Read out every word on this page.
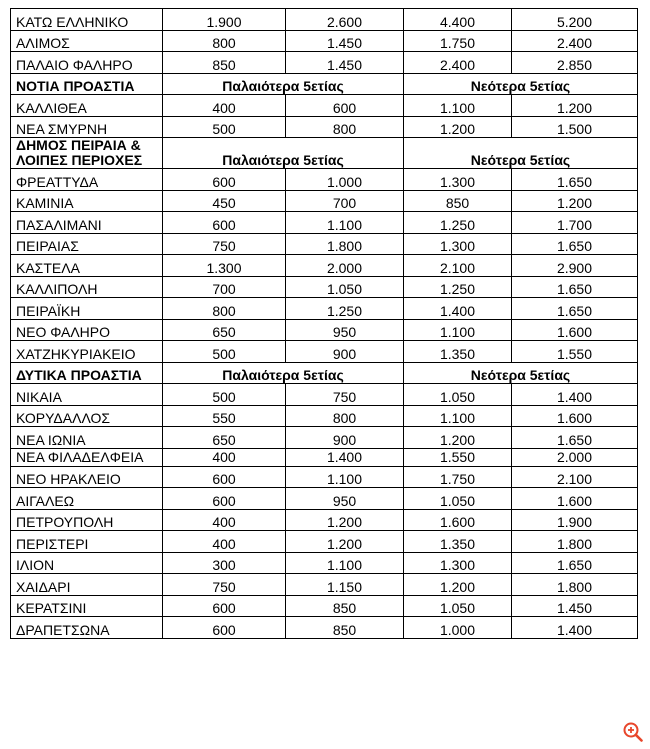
ΚΑΤΩ ΕΛΛΗΝΙΚΟ	1.900	2.600	4.400	5.200
ΑΛΙΜΟΣ	800	1.450	1.750	2.400
ΠΑΛΑΙΟ ΦΑΛΗΡΟ	850	1.450	2.400	2.850
ΝΟΤΙΑ ΠΡΟΑΣΤΙΑ	Παλαιότερα 5ετίας		Νεότερα 5ετίας	
ΚΑΛΛΙΘΕΑ	400	600	1.100	1.200
ΝΕΑ ΣΜΥΡΝΗ	500	800	1.200	1.500
ΔΗΜΟΣ ΠΕΙΡΑΙΑ & ΛΟΙΠΕΣ ΠΕΡΙΟΧΕΣ	Παλαιότερα 5ετίας		Νεότερα 5ετίας	
ΦΡΕΑΤΤΥΔΑ	600	1.000	1.300	1.650
ΚΑΜΙΝΙΑ	450	700	850	1.200
ΠΑΣΑΛΙΜΑΝΙ	600	1.100	1.250	1.700
ΠΕΙΡΑΙΑΣ	750	1.800	1.300	1.650
ΚΑΣΤΕΛΑ	1.300	2.000	2.100	2.900
ΚΑΛΛΙΠΟΛΗ	700	1.050	1.250	1.650
ΠΕΙΡΑΪΚΗ	800	1.250	1.400	1.650
ΝΕΟ ΦΑΛΗΡΟ	650	950	1.100	1.600
ΧΑΤΖΗΚΥΡΙΑΚΕΙΟ	500	900	1.350	1.550
ΔΥΤΙΚΑ ΠΡΟΑΣΤΙΑ	Παλαιότερα 5ετίας		Νεότερα 5ετίας	
ΝΙΚΑΙΑ	500	750	1.050	1.400
ΚΟΡΥΔΑΛΛΟΣ	550	800	1.100	1.600
ΝΕΑ ΙΩΝΙΑ	650	900	1.200	1.650
ΝΕΑ ΦΙΛΑΔΕΛΦΕΙΑ	400	1.400	1.550	2.000
ΝΕΟ ΗΡΑΚΛΕΙΟ	600	1.100	1.750	2.100
ΑΙΓΑΛΕΩ	600	950	1.050	1.600
ΠΕΤΡΟΥΠΟΛΗ	400	1.200	1.600	1.900
ΠΕΡΙΣΤΕΡΙ	400	1.200	1.350	1.800
ΙΛΙΟΝ	300	1.100	1.300	1.650
ΧΑΙΔΑΡΙ	750	1.150	1.200	1.800
ΚΕΡΑΤΣΙΝΙ	600	850	1.050	1.450
ΔΡΑΠΕΤΣΩΝΑ	600	850	1.000	1.400
